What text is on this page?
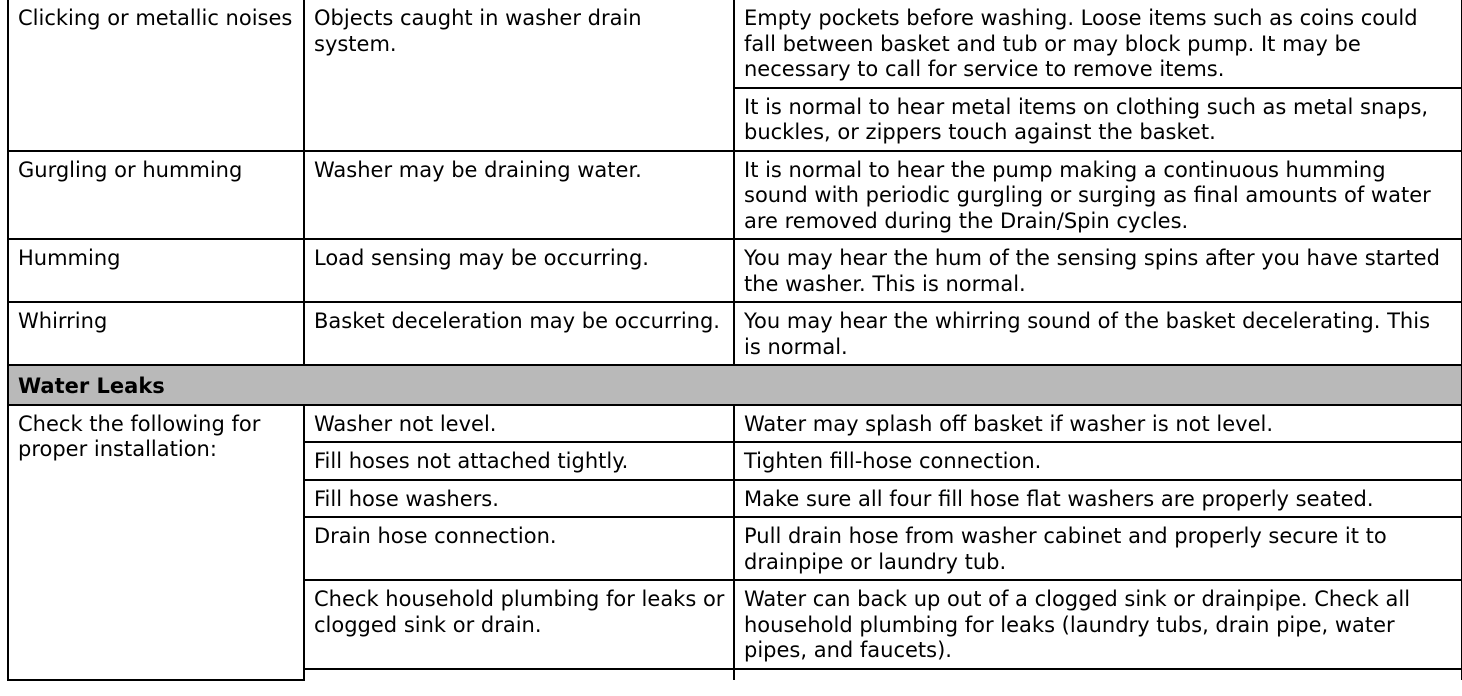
Clicking or metallic noises	Objects caught in washer drain system.	Empty pockets before washing. Loose items such as coins could fall between basket and tub or may block pump. It may be necessary to call for service to remove items.
		It is normal to hear metal items on clothing such as metal snaps, buckles, or zippers touch against the basket.
Gurgling or humming	Washer may be draining water.	It is normal to hear the pump making a continuous humming sound with periodic gurgling or surging as final amounts of water are removed during the Drain/Spin cycles.
Humming	Load sensing may be occurring.	You may hear the hum of the sensing spins after you have started the washer. This is normal.
Whirring	Basket deceleration may be occurring.	You may hear the whirring sound of the basket decelerating. This is normal.
Water Leaks		
Check the following for proper installation:	Washer not level.	Water may splash off basket if washer is not level.
	Fill hoses not attached tightly.	Tighten fill-hose connection.
	Fill hose washers.	Make sure all four fill hose flat washers are properly seated.
	Drain hose connection.	Pull drain hose from washer cabinet and properly secure it to drainpipe or laundry tub.
	Check household plumbing for leaks or clogged sink or drain.	Water can back up out of a clogged sink or drainpipe. Check all household plumbing for leaks (laundry tubs, drain pipe, water pipes, and faucets).
